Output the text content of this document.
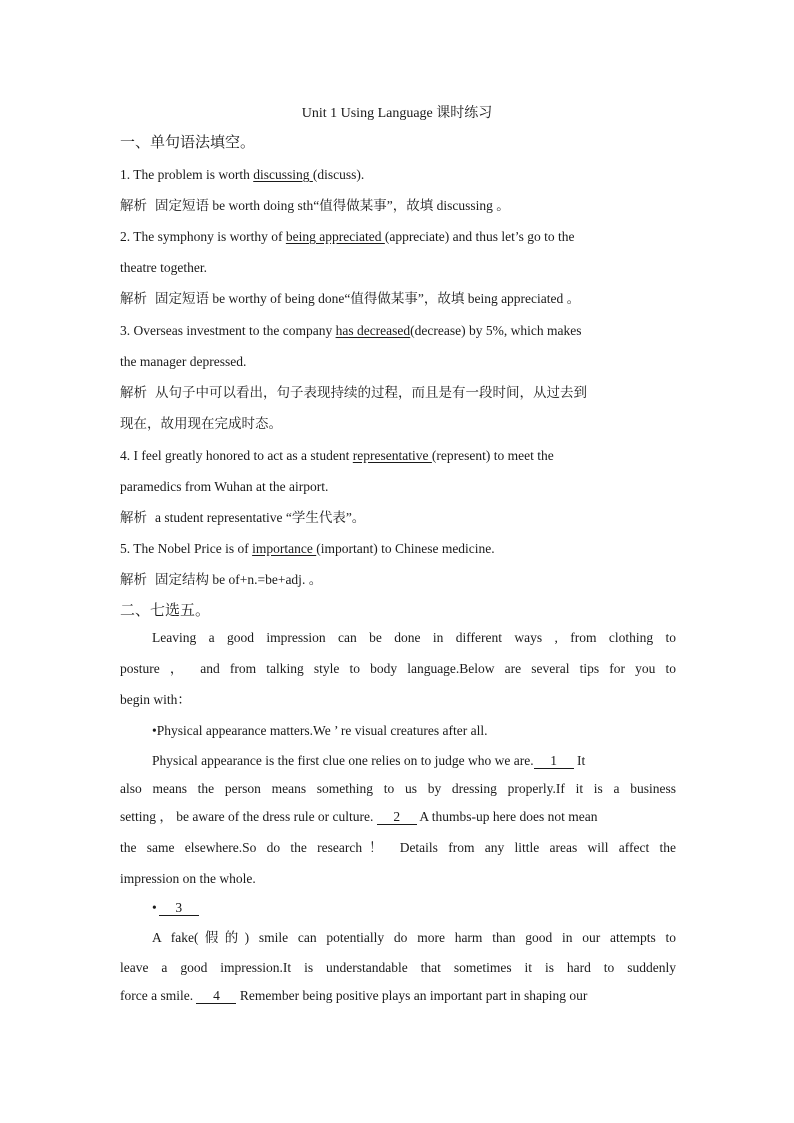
Unit 1 Using Language 课时练习
一、单句语法填空。
1. The problem is worth discussing (discuss).
解析 固定短语 be worth doing sth“值得做某事”，故填 discussing 。
2. The symphony is worthy of being appreciated (appreciate) and thus let’s go to the
theatre together.
解析 固定短语 be worthy of being done“值得做某事”，故填 being appreciated 。
3. Overseas investment to the company has decreased(decrease) by 5%, which makes
the manager depressed.
解析 从句子中可以看出，句子表现持续的过程，而且是有一段时间，从过去到
现在，故用现在完成时态。
4. I feel greatly honored to act as a student representative (represent) to meet the
paramedics from Wuhan at the airport.
解析 a student representative “学生代表”。
5. The Nobel Price is of importance (important) to Chinese medicine.
解析 固定结构 be of+n.=be+adj. 。
二、七选五。
Leaving a good impression can be done in different ways , from clothing to
posture ， and from talking style to body language.Below are several tips for you to
begin with：
•Physical appearance matters.We ’ re visual creatures after all.
Physical appearance is the first clue one relies on to judge who we are. 1 It
also means the person means something to us by dressing properly.If it is a business
setting ， be aware of the dress rule or culture. 2 A thumbs-up here does not mean
the same elsewhere.So do the research！ Details from any little areas will affect the
impression on the whole.
• 3
A fake(假的) smile can potentially do more harm than good in our attempts to
leave a good impression.It is understandable that sometimes it is hard to suddenly
force a smile. 4 Remember being positive plays an important part in shaping our
